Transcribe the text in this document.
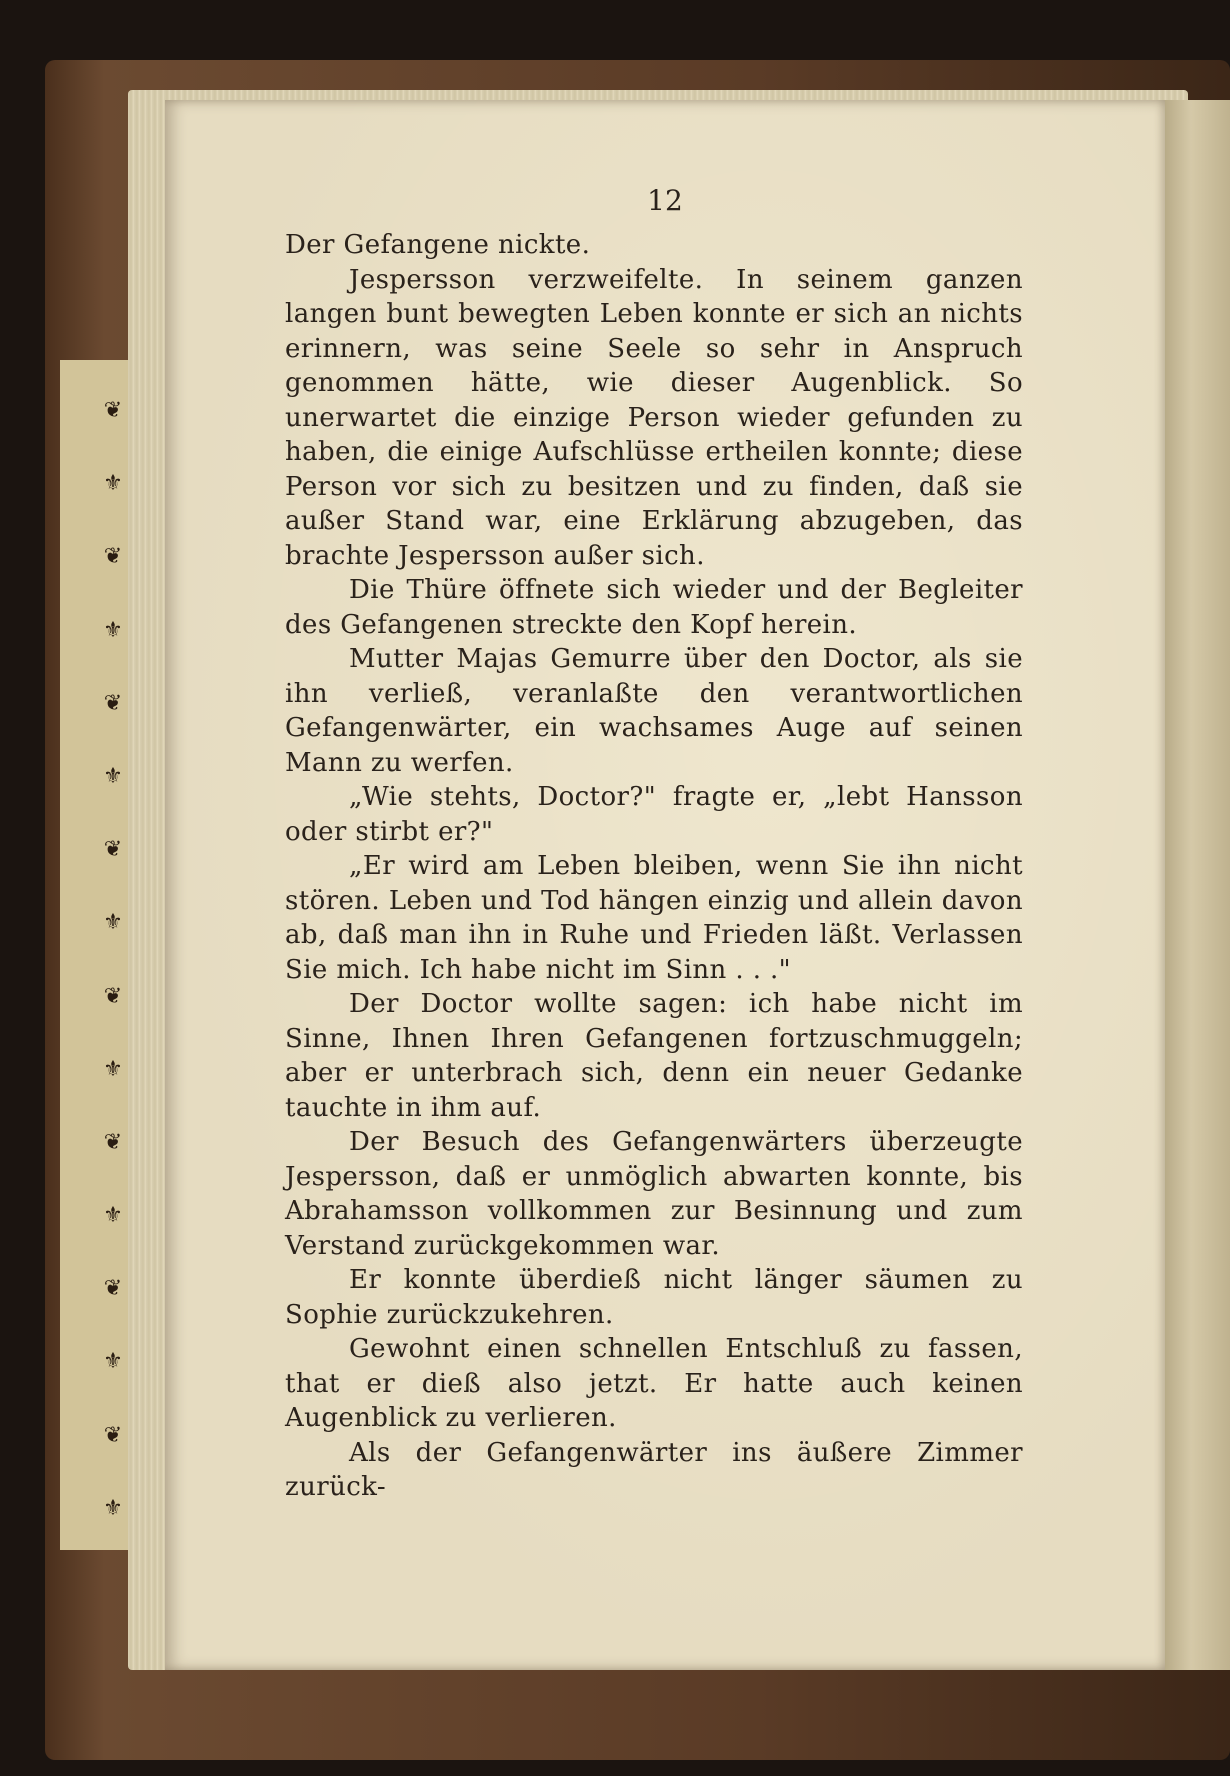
❦
⚜
❦
⚜
❦
⚜
❦
⚜
❦
⚜
❦
⚜
❦
⚜
❦
⚜
12

Der Gefangene nickte.

Jespersson verzweifelte. In seinem ganzen langen bunt bewegten Leben konnte er sich an nichts erinnern, was seine Seele so sehr in Anspruch genommen hätte, wie dieser Augenblick. So unerwartet die einzige Person wieder gefunden zu haben, die einige Aufschlüsse ertheilen konnte; diese Person vor sich zu besitzen und zu finden, daß sie außer Stand war, eine Erklärung abzugeben, das brachte Jespersson außer sich.

Die Thüre öffnete sich wieder und der Begleiter des Gefangenen streckte den Kopf herein.

Mutter Majas Gemurre über den Doctor, als sie ihn verließ, veranlaßte den verantwortlichen Gefangenwärter, ein wachsames Auge auf seinen Mann zu werfen.

„Wie stehts, Doctor?" fragte er, „lebt Hansson oder stirbt er?"

„Er wird am Leben bleiben, wenn Sie ihn nicht stören. Leben und Tod hängen einzig und allein davon ab, daß man ihn in Ruhe und Frieden läßt. Verlassen Sie mich. Ich habe nicht im Sinn . . ."

Der Doctor wollte sagen: ich habe nicht im Sinne, Ihnen Ihren Gefangenen fortzuschmuggeln; aber er unterbrach sich, denn ein neuer Gedanke tauchte in ihm auf.

Der Besuch des Gefangenwärters überzeugte Jespersson, daß er unmöglich abwarten konnte, bis Abrahamsson vollkommen zur Besinnung und zum Verstand zurückgekommen war.

Er konnte überdieß nicht länger säumen zu Sophie zurückzukehren.

Gewohnt einen schnellen Entschluß zu fassen, that er dieß also jetzt. Er hatte auch keinen Augenblick zu verlieren.

Als der Gefangenwärter ins äußere Zimmer zurück-
